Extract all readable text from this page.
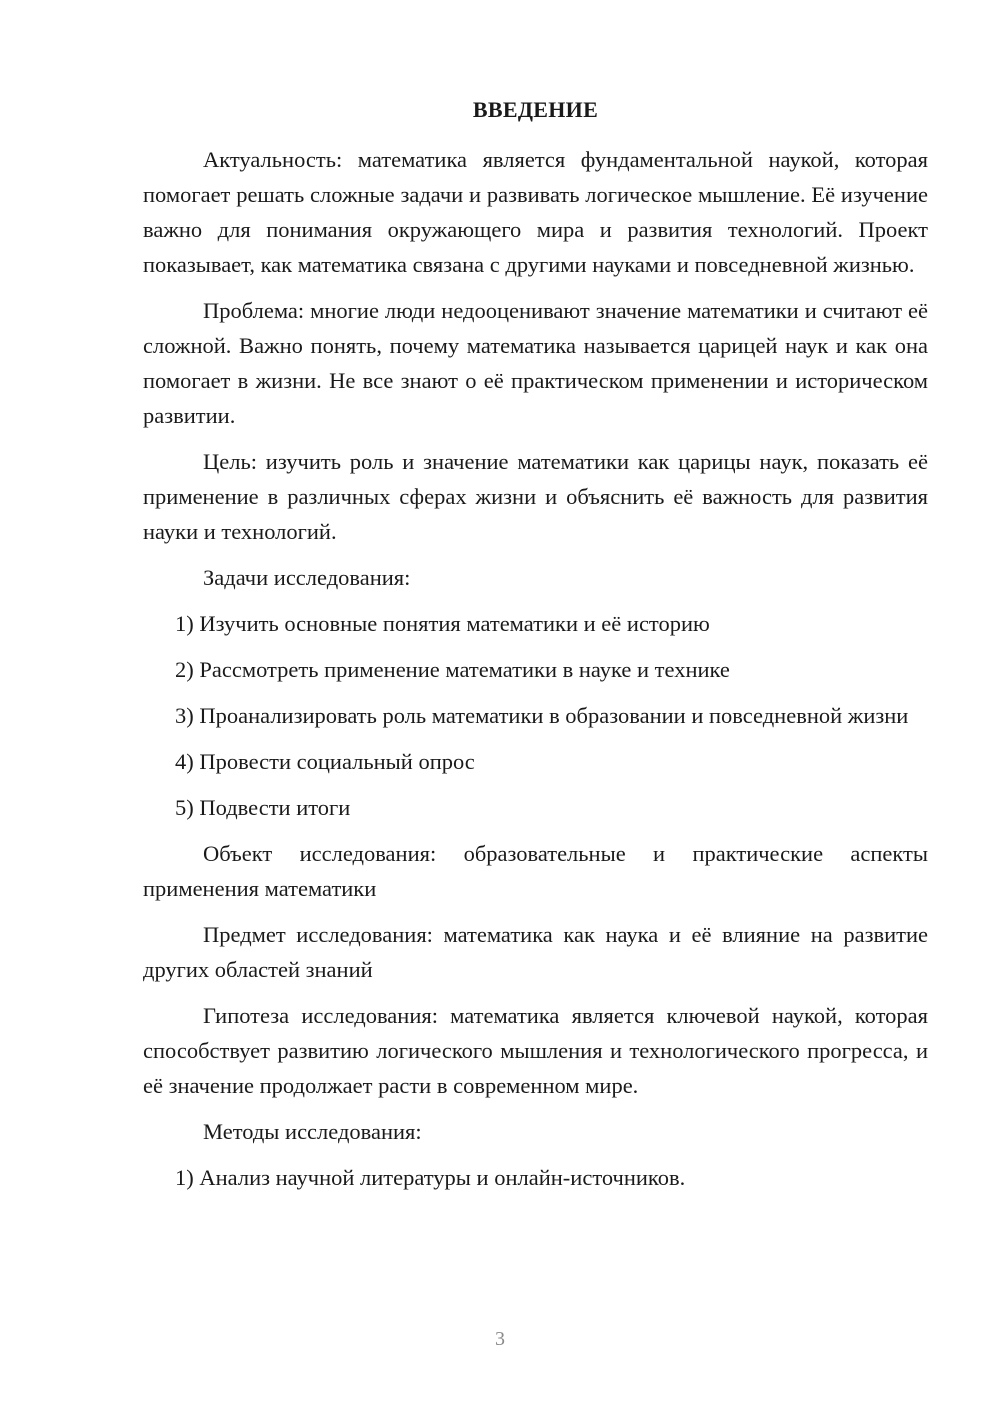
ВВЕДЕНИЕ

Актуальность: математика является фундаментальной наукой, которая помогает решать сложные задачи и развивать логическое мышление. Её изучение важно для понимания окружающего мира и развития технологий. Проект показывает, как математика связана с другими науками и повседневной жизнью.

Проблема: многие люди недооценивают значение математики и считают её сложной. Важно понять, почему математика называется царицей наук и как она помогает в жизни. Не все знают о её практическом применении и историческом развитии.

Цель: изучить роль и значение математики как царицы наук, показать её применение в различных сферах жизни и объяснить её важность для развития науки и технологий.

Задачи исследования:

1) Изучить основные понятия математики и её историю

2) Рассмотреть применение математики в науке и технике

3) Проанализировать роль математики в образовании и повседневной жизни

4) Провести социальный опрос

5) Подвести итоги

Объект исследования: образовательные и практические аспекты применения математики

Предмет исследования: математика как наука и её влияние на развитие других областей знаний

Гипотеза исследования: математика является ключевой наукой, которая способствует развитию логического мышления и технологического прогресса, и её значение продолжает расти в современном мире.

Методы исследования:

1) Анализ научной литературы и онлайн-источников.

3
